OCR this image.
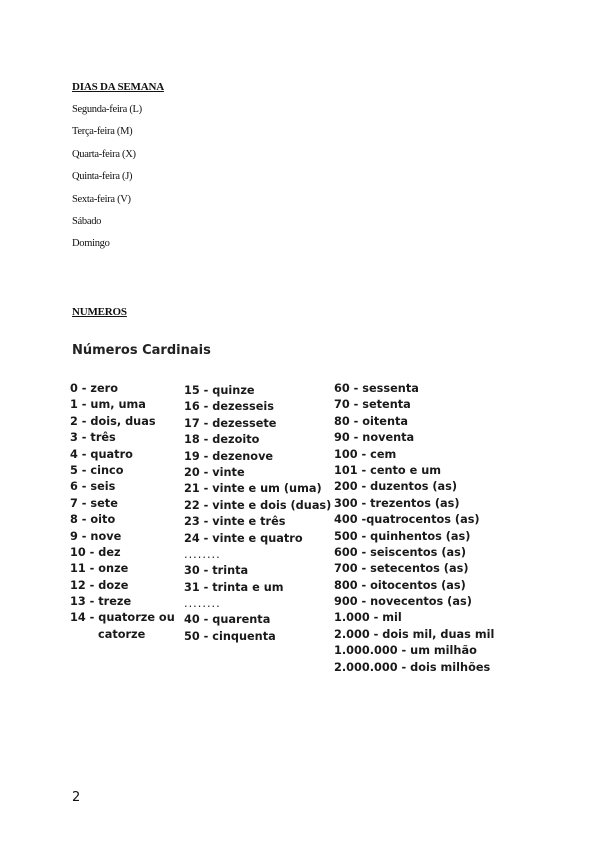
DIAS DA SEMANA
Segunda-feira (L)
Terça-feira (M)
Quarta-feira (X)
Quinta-feira (J)
Sexta-feira (V)
Sábado
Domingo
NUMEROS
Números Cardinais
0 - zero
1 - um, uma
2 - dois, duas
3 - três
4 - quatro
5 - cinco
6 - seis
7 - sete
8 - oito
9 - nove
10 - dez
11 - onze
12 - doze
13 - treze
14 - quatorze ou
catorze
15 - quinze
16 - dezesseis
17 - dezessete
18 - dezoito
19 - dezenove
20 - vinte
21 - vinte e um (uma)
22 - vinte e dois (duas)
23 - vinte e três
24 - vinte e quatro
........
30 - trinta
31 - trinta e um
........
40 - quarenta
50 - cinquenta
60 - sessenta
70 - setenta
80 - oitenta
90 - noventa
100 - cem
101 - cento e um
200 - duzentos (as)
300 - trezentos (as)
400 -quatrocentos (as)
500 - quinhentos (as)
600 - seiscentos (as)
700 - setecentos (as)
800 - oitocentos (as)
900 - novecentos (as)
1.000 - mil
2.000 - dois mil, duas mil
1.000.000 - um milhão
2.000.000 - dois milhões
2
